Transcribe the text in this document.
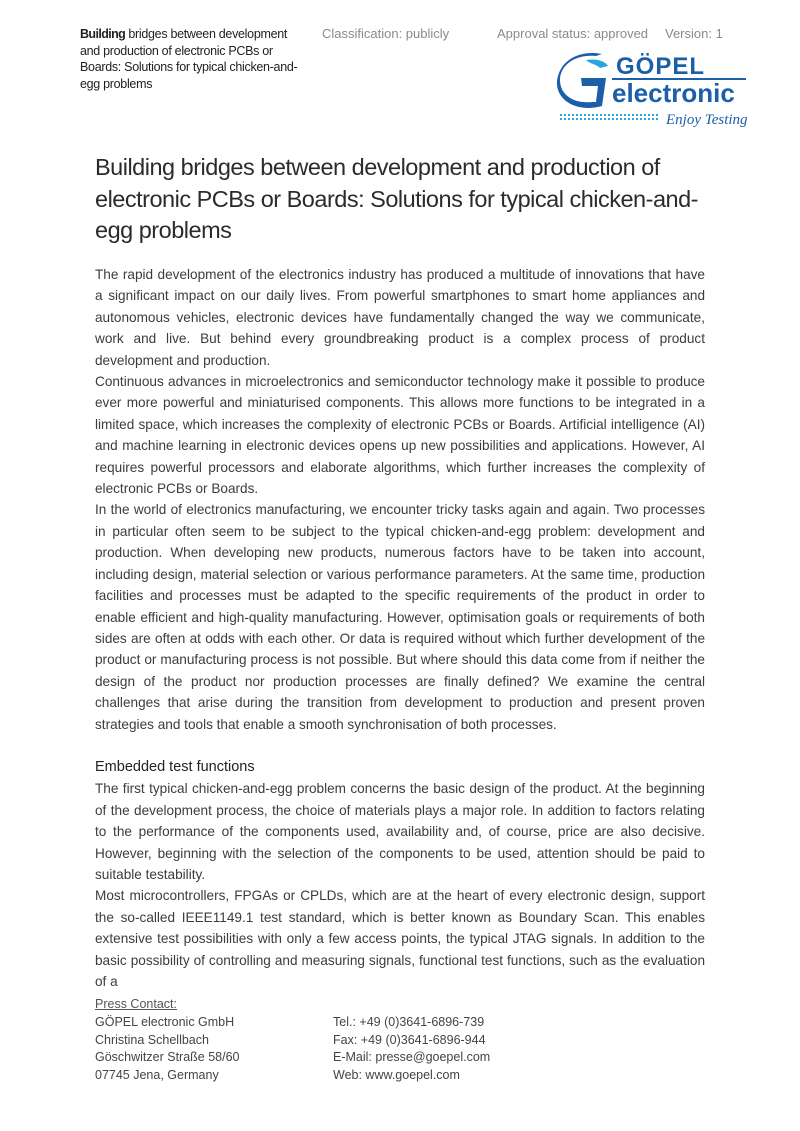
Building bridges between development and production of electronic PCBs or Boards: Solutions for typical chicken-and-egg problems
Classification: publicly	Approval status: approved Version: 1
GÖPEL
electronic
Enjoy Testing
Building bridges between development and production of electronic PCBs or Boards: Solutions for typical chicken-and-egg problems

The rapid development of the electronics industry has produced a multitude of innovations that have a significant impact on our daily lives. From powerful smartphones to smart home appliances and autonomous vehicles, electronic devices have fundamentally changed the way we communicate, work and live. But behind every groundbreaking product is a complex process of product development and production.

Continuous advances in microelectronics and semiconductor technology make it possible to produce ever more powerful and miniaturised components. This allows more functions to be integrated in a limited space, which increases the complexity of electronic PCBs or Boards. Artificial intelligence (AI) and machine learning in electronic devices opens up new possibilities and applications. However, AI requires powerful processors and elaborate algorithms, which further increases the complexity of electronic PCBs or Boards.

In the world of electronics manufacturing, we encounter tricky tasks again and again. Two processes in particular often seem to be subject to the typical chicken-and-egg problem: development and production. When developing new products, numerous factors have to be taken into account, including design, material selection or various performance parameters. At the same time, production facilities and processes must be adapted to the specific requirements of the product in order to enable efficient and high-quality manufacturing. However, optimisation goals or requirements of both sides are often at odds with each other. Or data is required without which further development of the product or manufacturing process is not possible. But where should this data come from if neither the design of the product nor production processes are finally defined? We examine the central challenges that arise during the transition from development to production and present proven strategies and tools that enable a smooth synchronisation of both processes.

Embedded test functions

The first typical chicken-and-egg problem concerns the basic design of the product. At the beginning of the development process, the choice of materials plays a major role. In addition to factors relating to the performance of the components used, availability and, of course, price are also decisive. However, beginning with the selection of the components to be used, attention should be paid to suitable testability.

Most microcontrollers, FPGAs or CPLDs, which are at the heart of every electronic design, support the so-called IEEE1149.1 test standard, which is better known as Boundary Scan. This enables extensive test possibilities with only a few access points, the typical JTAG signals. In addition to the basic possibility of controlling and measuring signals, functional test functions, such as the evaluation of a

Press Contact:
GÖPEL electronic GmbH
Christina Schellbach
Göschwitzer Straße 58/60
07745 Jena, Germany
Tel.: +49 (0)3641-6896-739
Fax: +49 (0)3641-6896-944
E-Mail: presse@goepel.com
Web: www.goepel.com
